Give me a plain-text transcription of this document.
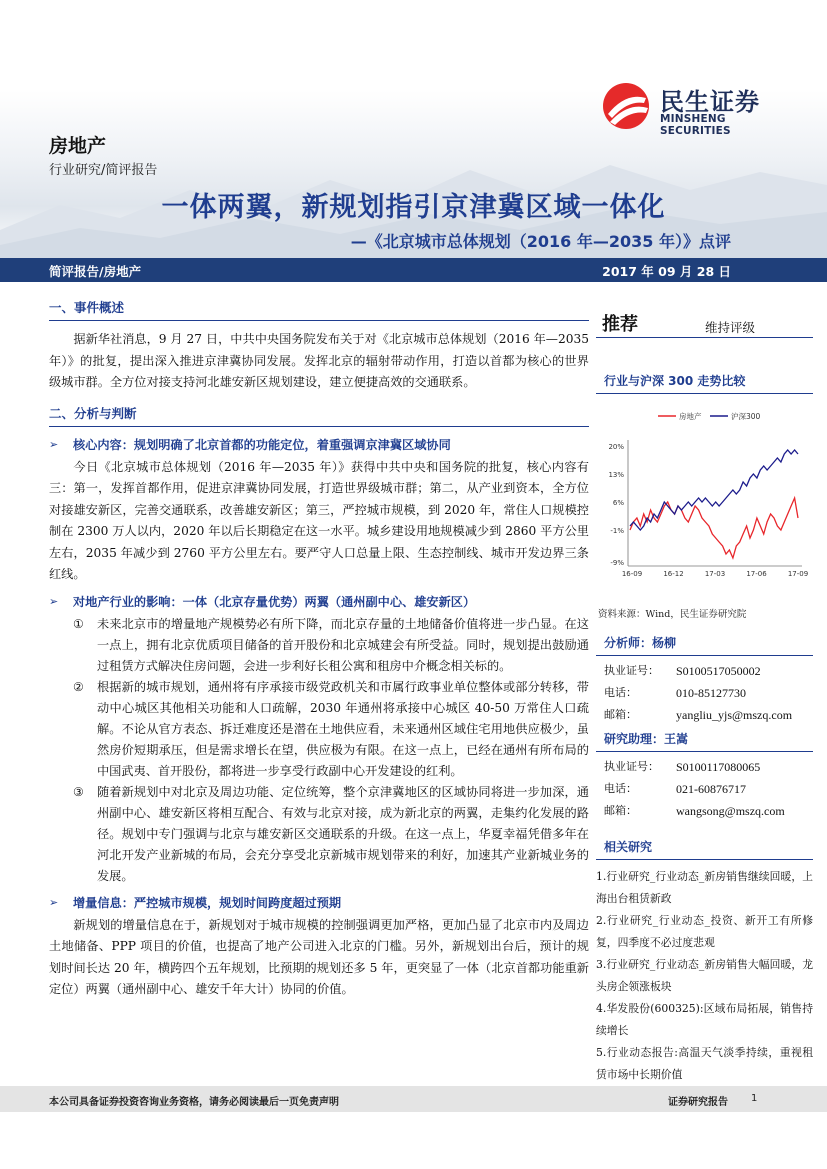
房地产
行业研究/简评报告
民生证券
MINSHENG SECURITIES
一体两翼，新规划指引京津冀区域一体化
—《北京城市总体规划（2016 年—2035 年）》点评
简评报告/房地产	2017 年 09 月 28 日
一、事件概述

据新华社消息，9 月 27 日，中共中央国务院发布关于对《北京城市总体规划（2016 年—2035 年）》的批复，提出深入推进京津冀协同发展。发挥北京的辐射带动作用，打造以首都为核心的世界级城市群。全方位对接支持河北雄安新区规划建设，建立便捷高效的交通联系。

二、分析与判断
➢	核心内容：规划明确了北京首都的功能定位，着重强调京津冀区域协同

今日《北京城市总体规划（2016 年—2035 年）》获得中共中央和国务院的批复，核心内容有三：第一，发挥首都作用，促进京津冀协同发展，打造世界级城市群；第二，从产业到资本，全方位对接雄安新区，完善交通联系，改善雄安新区；第三，严控城市规模，到 2020 年，常住人口规模控制在 2300 万人以内，2020 年以后长期稳定在这一水平。城乡建设用地规模减少到 2860 平方公里左右，2035 年减少到 2760 平方公里左右。要严守人口总量上限、生态控制线、城市开发边界三条红线。

➢	对地产行业的影响：一体（北京存量优势）两翼（通州副中心、雄安新区）
①	未来北京市的增量地产规模势必有所下降，而北京存量的土地储备价值将进一步凸显。在这一点上，拥有北京优质项目储备的首开股份和北京城建会有所受益。同时，规划提出鼓励通过租赁方式解决住房问题，会进一步利好长租公寓和租房中介概念相关标的。
②	根据新的城市规划，通州将有序承接市级党政机关和市属行政事业单位整体或部分转移，带动中心城区其他相关功能和人口疏解，2030 年通州将承接中心城区 40-50 万常住人口疏解。不论从官方表态、拆迁难度还是潜在土地供应看，未来通州区域住宅用地供应极少，虽然房价短期承压，但是需求增长在望，供应极为有限。在这一点上，已经在通州有所布局的中国武夷、首开股份，都将进一步享受行政副中心开发建设的红利。
③	随着新规划中对北京及周边功能、定位统筹，整个京津冀地区的区域协同将进一步加深，通州副中心、雄安新区将相互配合、有效与北京对接，成为新北京的两翼，走集约化发展的路径。规划中专门强调与北京与雄安新区交通联系的升级。在这一点上，华夏幸福凭借多年在河北开发产业新城的布局，会充分享受北京新城市规划带来的利好，加速其产业新城业务的发展。
➢	增量信息：严控城市规模，规划时间跨度超过预期

新规划的增量信息在于，新规划对于城市规模的控制强调更加严格，更加凸显了北京市内及周边土地储备、PPP 项目的价值，也提高了地产公司进入北京的门槛。另外，新规划出台后，预计的规划时间长达 20 年，横跨四个五年规划，比预期的规划还多 5 年，更突显了一体（北京首都功能重新定位）两翼（通州副中心、雄安千年大计）协同的价值。

推荐	维持评级
行业与沪深 300 走势比较
房地产	沪深300
20%
13%
6%
-1%
-9%
16-09	16-12	17-03	17-06	17-09
资料来源：Wind，民生证券研究院
分析师：杨柳
执业证号：	S0100517050002
电话：	010-85127730
邮箱：	yangliu_yjs@mszq.com
研究助理：王嵩
执业证号：	S0100117080065
电话：	021-60876717
邮箱：	wangsong@mszq.com
相关研究
1.行业研究_行业动态_新房销售继续回暖，上海出台租赁新政
2.行业研究_行业动态_投资、新开工有所修复，四季度不必过度悲观
3.行业研究_行业动态_新房销售大幅回暖，龙头房企领涨板块
4.华发股份(600325):区域布局拓展，销售持续增长
5.行业动态报告:高温天气淡季持续，重视租赁市场中长期价值
本公司具备证券投资咨询业务资格，请务必阅读最后一页免责声明	证券研究报告 1
